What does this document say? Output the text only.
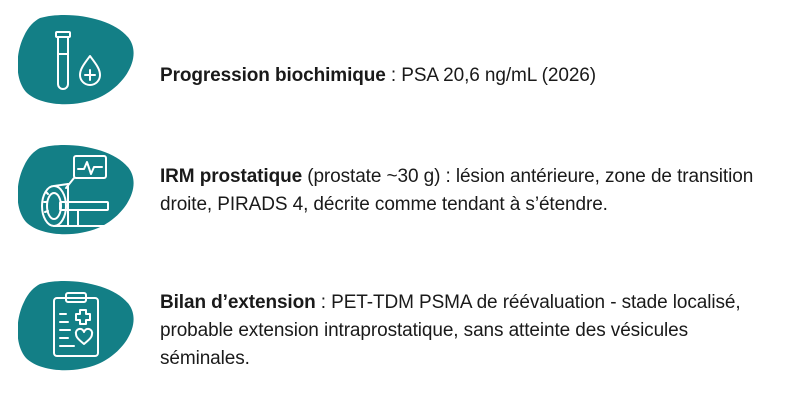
Progression biochimique : PSA 20,6 ng/mL (2026)
IRM prostatique (prostate ~30 g) : lésion antérieure, zone de transition droite, PIRADS 4, décrite comme tendant à s’étendre.
Bilan d’extension : PET-TDM PSMA de réévaluation - stade localisé, probable extension intraprostatique, sans atteinte des vésicules séminales.
